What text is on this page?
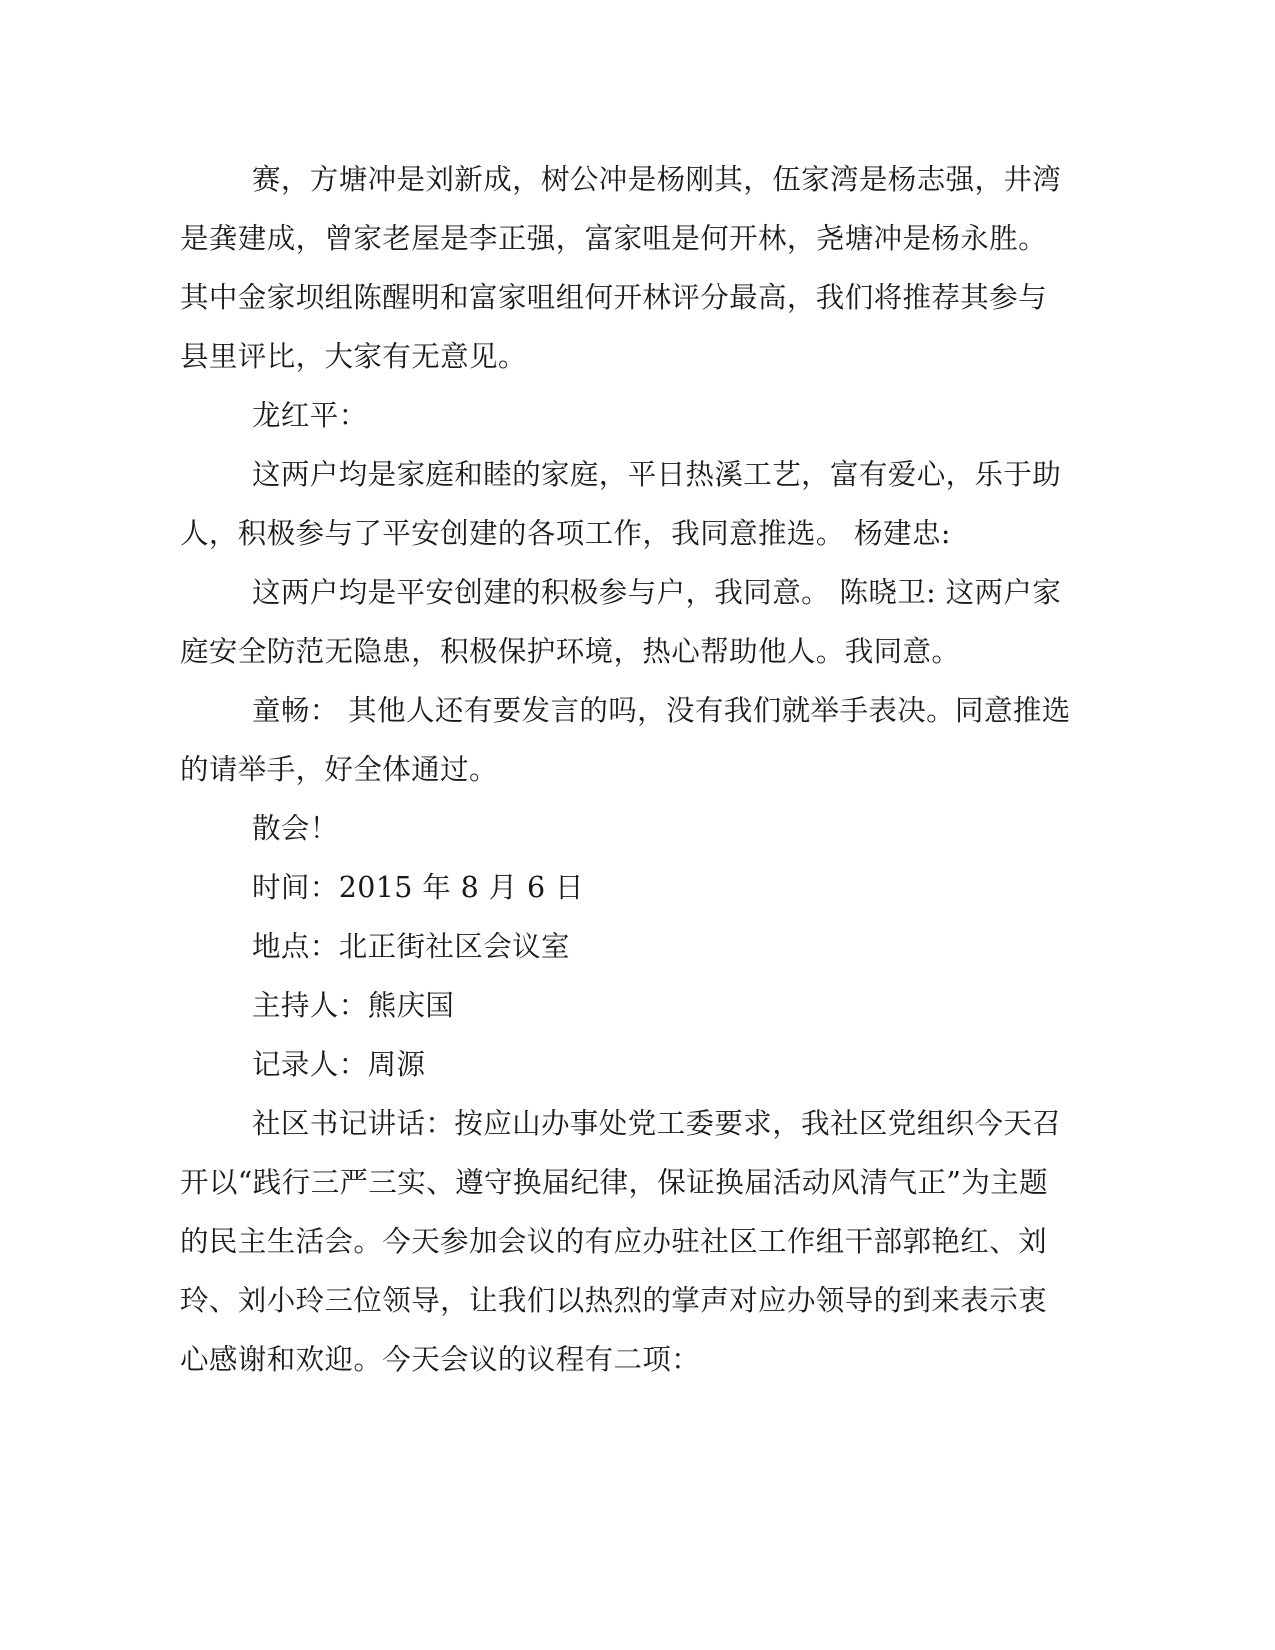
赛，方塘冲是刘新成，树公冲是杨刚其，伍家湾是杨志强，井湾
是龚建成，曾家老屋是李正强，富家咀是何开林，尧塘冲是杨永胜。
其中金家坝组陈醒明和富家咀组何开林评分最高，我们将推荐其参与
县里评比，大家有无意见。
龙红平：
这两户均是家庭和睦的家庭，平日热溪工艺，富有爱心，乐于助
人，积极参与了平安创建的各项工作，我同意推选。 杨建忠:
这两户均是平安创建的积极参与户，我同意。 陈晓卫: 这两户家
庭安全防范无隐患，积极保护环境，热心帮助他人。我同意。
童畅： 其他人还有要发言的吗，没有我们就举手表决。同意推选
的请举手，好全体通过。
散会！
时间：2015 年 8 月 6 日
地点：北正街社区会议室
主持人：熊庆国
记录人：周源
社区书记讲话：按应山办事处党工委要求，我社区党组织今天召
开以“践行三严三实、遵守换届纪律，保证换届活动风清气正”为主题
的民主生活会。今天参加会议的有应办驻社区工作组干部郭艳红、刘
玲、刘小玲三位领导，让我们以热烈的掌声对应办领导的到来表示衷
心感谢和欢迎。今天会议的议程有二项：
